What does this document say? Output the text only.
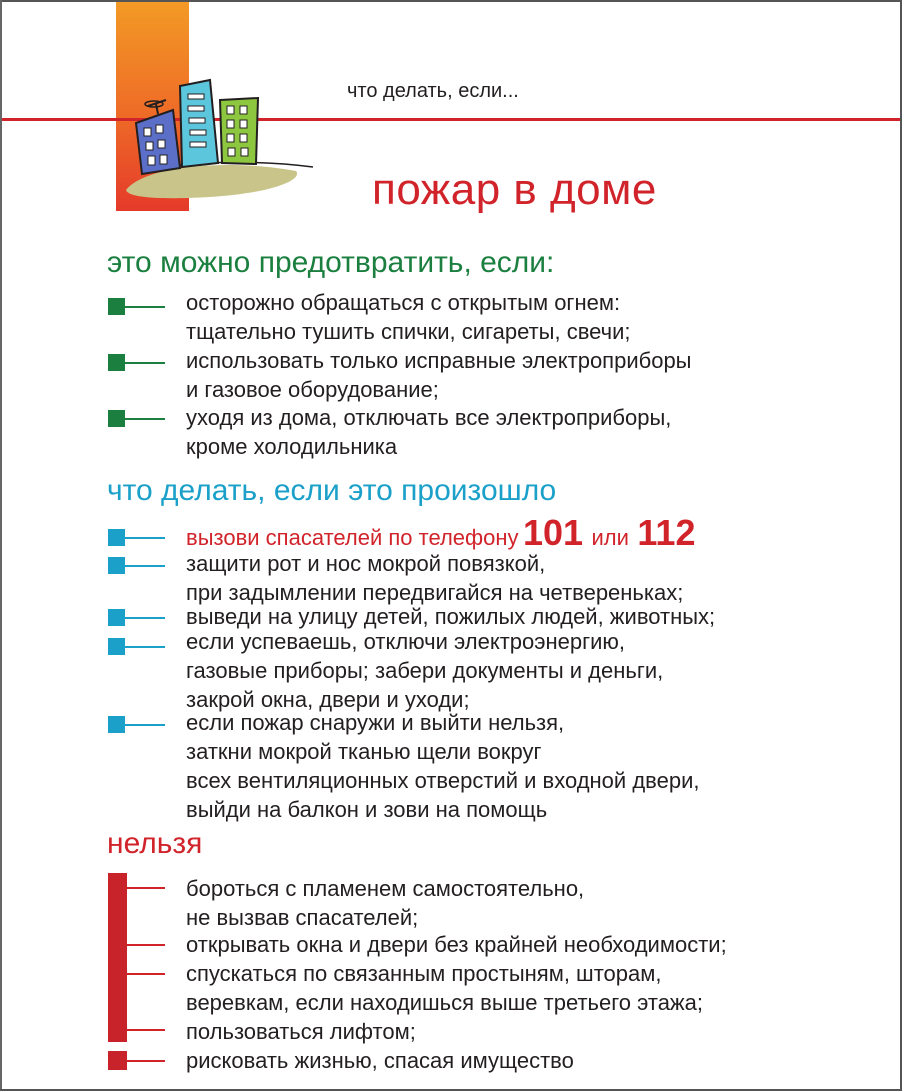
что делать, если...
пожар в доме
это можно предотвратить, если:
осторожно обращаться с открытым огнем:
тщательно тушить спички, сигареты, свечи;
использовать только исправные электроприборы
и газовое оборудование;
уходя из дома, отключать все электроприборы,
кроме холодильника
что делать, если это произошло
вызови спасателей по телефону 101 или 112
защити рот и нос мокрой повязкой,
при задымлении передвигайся на четвереньках;
выведи на улицу детей, пожилых людей, животных;
если успеваешь, отключи электроэнергию,
газовые приборы; забери документы и деньги,
закрой окна, двери и уходи;
если пожар снаружи и выйти нельзя,
заткни мокрой тканью щели вокруг
всех вентиляционных отверстий и входной двери,
выйди на балкон и зови на помощь
нельзя
бороться с пламенем самостоятельно,
не вызвав спасателей;
открывать окна и двери без крайней необходимости;
спускаться по связанным простыням, шторам,
веревкам, если находишься выше третьего этажа;
пользоваться лифтом;
рисковать жизнью, спасая имущество
